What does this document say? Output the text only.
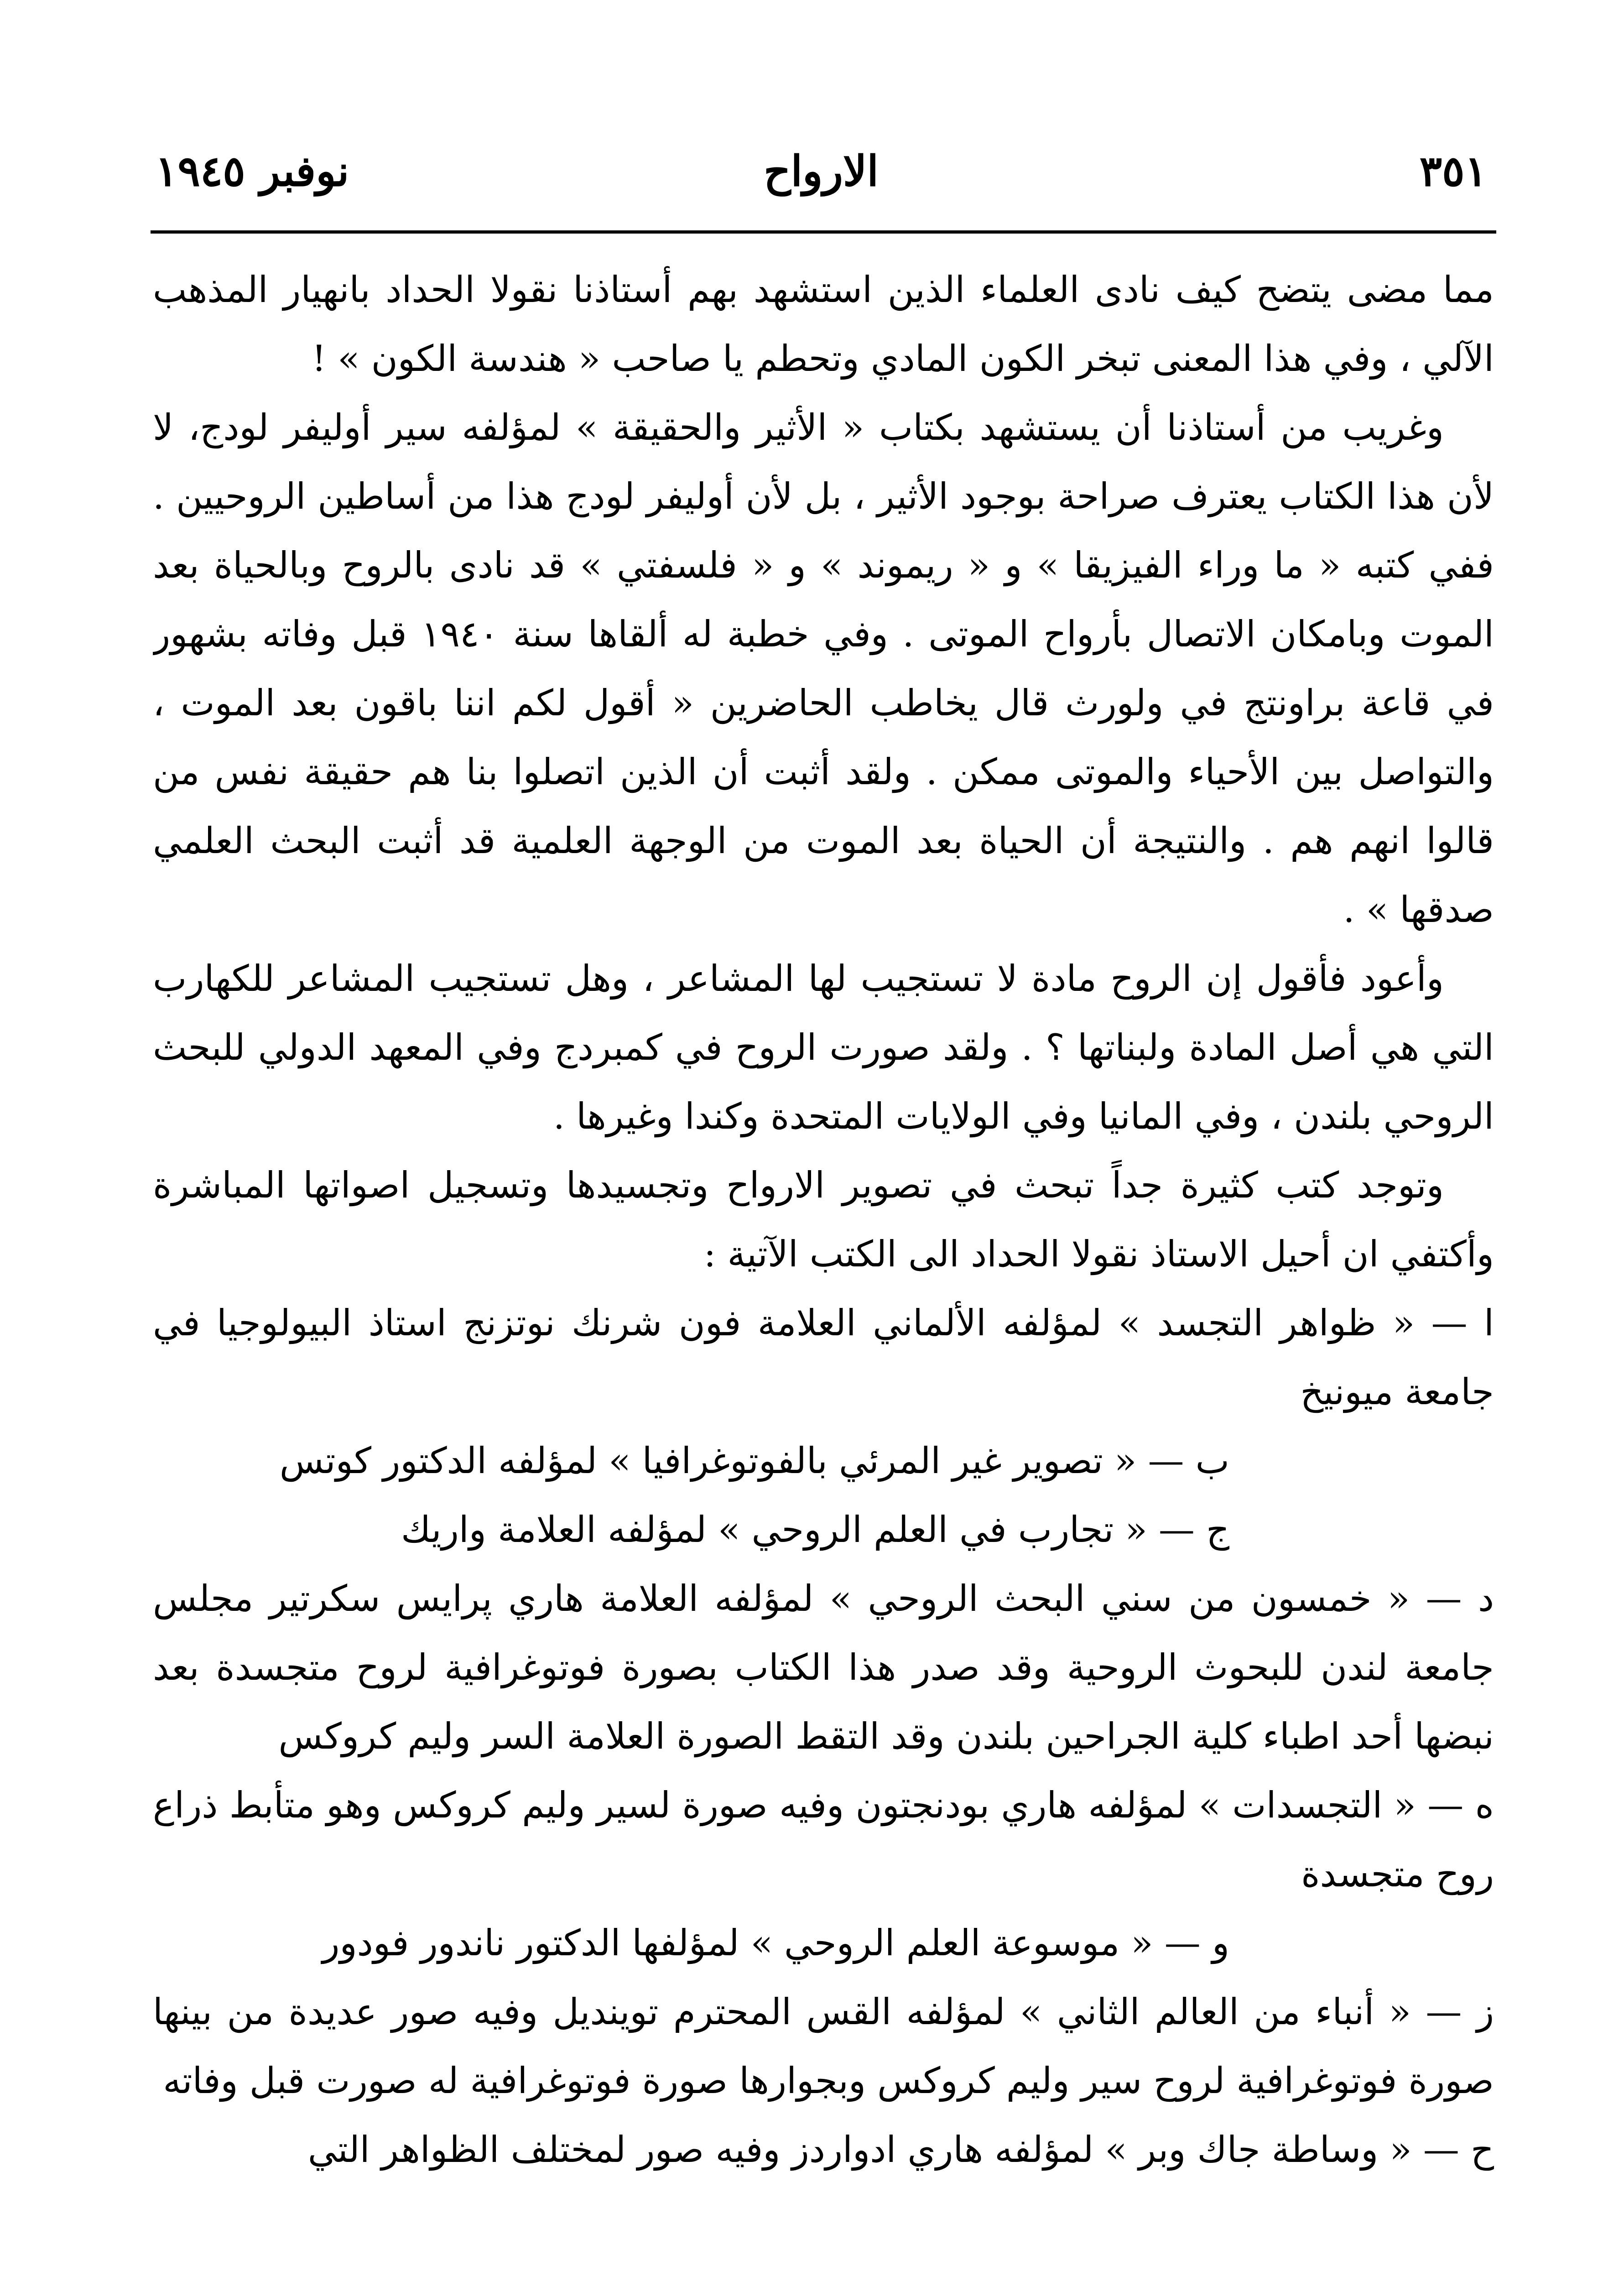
٣٥١
الارواح
نوفبر ١٩٤٥

مما مضى يتضح كيف نادى العلماء الذين استشهد بهم أستاذنا نقولا الحداد بانهيار المذهب الآلي ، وفي هذا المعنى تبخر الكون المادي وتحطم يا صاحب « هندسة الكون » !

وغريب من أستاذنا أن يستشهد بكتاب « الأثير والحقيقة » لمؤلفه سير أوليفر لودج، لا لأن هذا الكتاب يعترف صراحة بوجود الأثير ، بل لأن أوليفر لودج هذا من أساطين الروحيين . ففي كتبه « ما وراء الفيزيقا » و « ريموند » و « فلسفتي » قد نادى بالروح وبالحياة بعد الموت وبامكان الاتصال بأرواح الموتى . وفي خطبة له ألقاها سنة ١٩٤٠ قبل وفاته بشهور في قاعة براونتج في ولورث قال يخاطب الحاضرين « أقول لكم اننا باقون بعد الموت ، والتواصل بين الأحياء والموتى ممكن . ولقد أثبت أن الذين اتصلوا بنا هم حقيقة نفس من قالوا انهم هم . والنتيجة أن الحياة بعد الموت من الوجهة العلمية قد أثبت البحث العلمي صدقها » .

وأعود فأقول إن الروح مادة لا تستجيب لها المشاعر ، وهل تستجيب المشاعر للكهارب التي هي أصل المادة ولبناتها ؟ . ولقد صورت الروح في كمبردج وفي المعهد الدولي للبحث الروحي بلندن ، وفي المانيا وفي الولايات المتحدة وكندا وغيرها .

وتوجد كتب كثيرة جداً تبحث في تصوير الارواح وتجسيدها وتسجيل اصواتها المباشرة وأكتفي ان أحيل الاستاذ نقولا الحداد الى الكتب الآتية :

ا — « ظواهر التجسد » لمؤلفه الألماني العلامة فون شرنك نوتزنج استاذ البيولوجيا في جامعة ميونيخ

ب — « تصوير غير المرئي بالفوتوغرافيا » لمؤلفه الدكتور كوتس

ج — « تجارب في العلم الروحي » لمؤلفه العلامة واريك

د — « خمسون من سني البحث الروحي » لمؤلفه العلامة هاري پرايس سكرتير مجلس جامعة لندن للبحوث الروحية وقد صدر هذا الكتاب بصورة فوتوغرافية لروح متجسدة بعد نبضها أحد اطباء كلية الجراحين بلندن وقد التقط الصورة العلامة السر وليم كروكس

ه — « التجسدات » لمؤلفه هاري بودنجتون وفيه صورة لسير وليم كروكس وهو متأبط ذراع روح متجسدة

و — « موسوعة العلم الروحي » لمؤلفها الدكتور ناندور فودور

ز — « أنباء من العالم الثاني » لمؤلفه القس المحترم توينديل وفيه صور عديدة من بينها صورة فوتوغرافية لروح سير وليم كروكس وبجوارها صورة فوتوغرافية له صورت قبل وفاته

ح — « وساطة جاك وبر » لمؤلفه هاري ادواردز وفيه صور لمختلف الظواهر التي
